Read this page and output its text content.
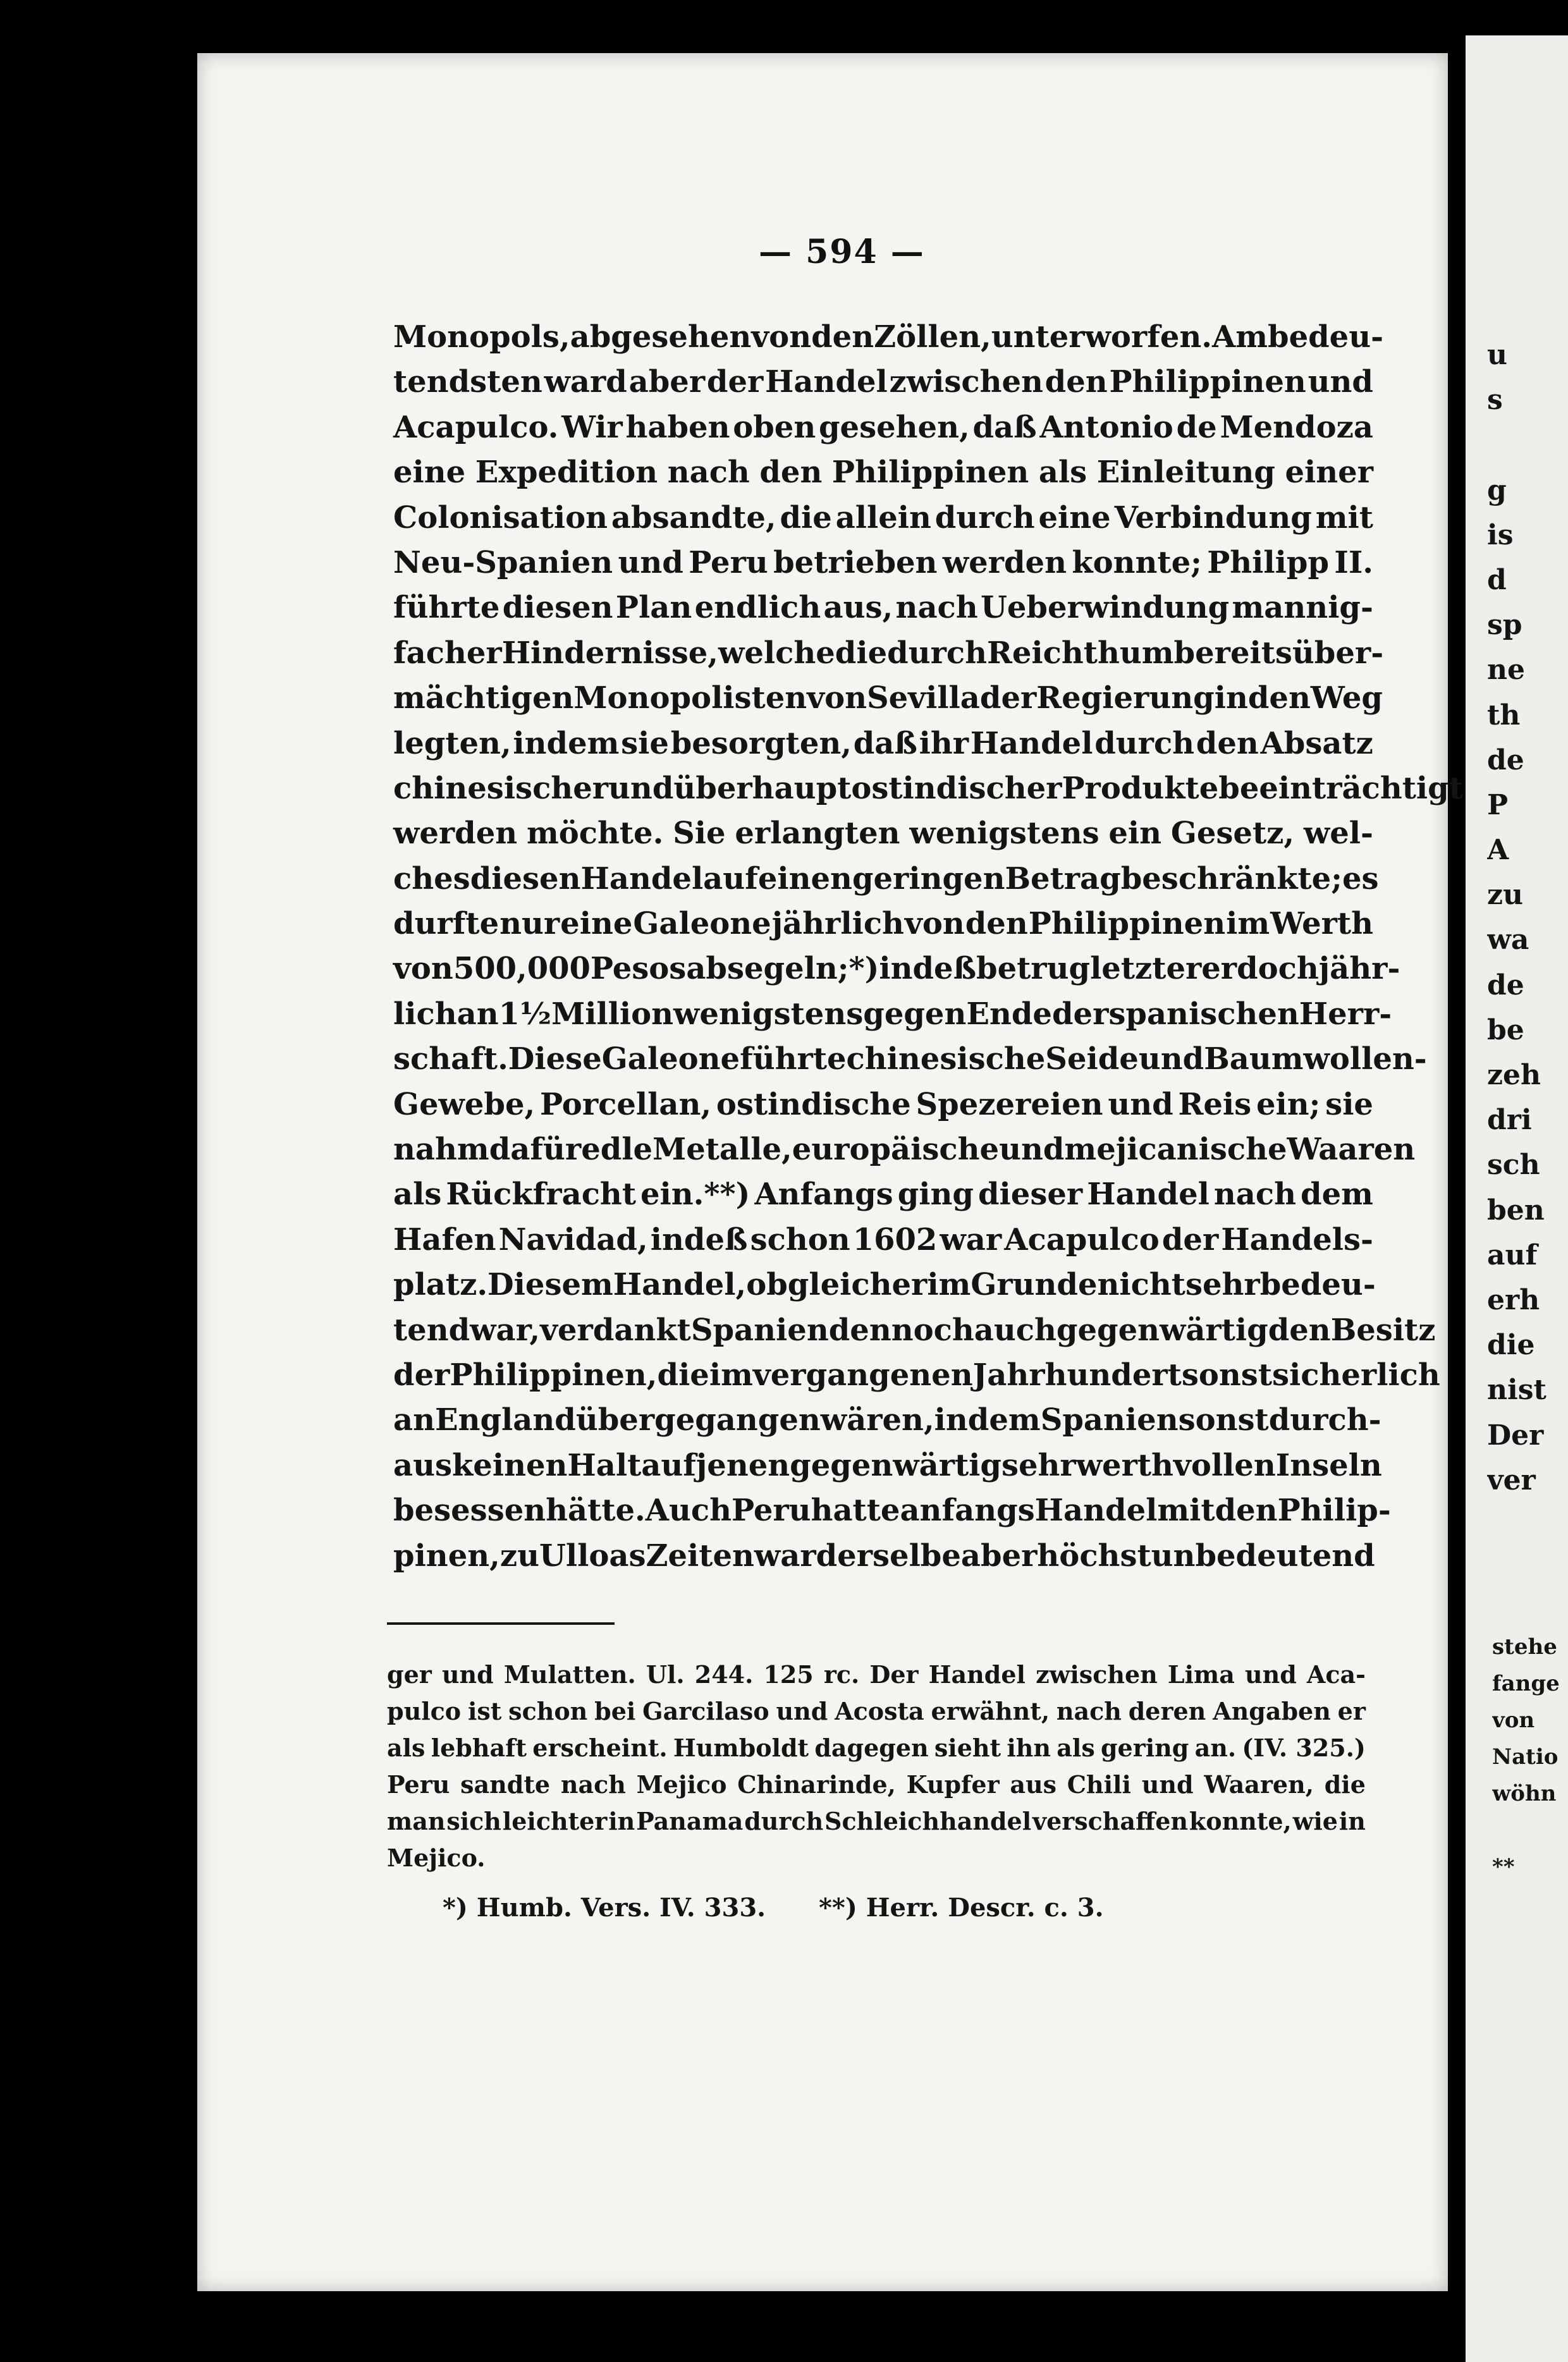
u
s
g
is
d
sp
ne
th
de
P
A
zu
wa
de
be
zeh
dri
sch
ben
auf
erh
die
nist
Der
ver
stehe
fange
von
Natio
wöhn
**
— 594 —
Monopols, abgesehen von den Zöllen, unterworfen. Am bedeu-
tendsten ward aber der Handel zwischen den Philippinen und
Acapulco. Wir haben oben gesehen, daß Antonio de Mendoza
eine Expedition nach den Philippinen als Einleitung einer
Colonisation absandte, die allein durch eine Verbindung mit
Neu-Spanien und Peru betrieben werden konnte; Philipp II.
führte diesen Plan endlich aus, nach Ueberwindung mannig-
facher Hindernisse, welche die durch Reichthum bereits über-
mächtigen Monopolisten von Sevilla der Regierung in den Weg
legten, indem sie besorgten, daß ihr Handel durch den Absatz
chinesischer und überhaupt ostindischer Produkte beeinträchtigt
werden möchte. Sie erlangten wenigstens ein Gesetz, wel-
ches diesen Handel auf einen geringen Betrag beschränkte; es
durfte nur eine Galeone jährlich von den Philippinen im Werth
von 500,000 Pesos absegeln;*) indeß betrug letzterer doch jähr-
lich an 1½ Million wenigstens gegen Ende der spanischen Herr-
schaft. Diese Galeone führte chinesische Seide und Baumwollen-
Gewebe, Porcellan, ostindische Spezereien und Reis ein; sie
nahm dafür edle Metalle, europäische und mejicanische Waaren
als Rückfracht ein.**) Anfangs ging dieser Handel nach dem
Hafen Navidad, indeß schon 1602 war Acapulco der Handels-
platz. Diesem Handel, obgleich er im Grunde nicht sehr bedeu-
tend war, verdankt Spanien dennoch auch gegenwärtig den Besitz
der Philippinen, die im vergangenen Jahrhundert sonst sicherlich
an England übergegangen wären, indem Spanien sonst durch-
aus keinen Halt auf jenen gegenwärtig sehr werthvollen Inseln
besessen hätte. Auch Peru hatte anfangs Handel mit den Philip-
pinen, zu Ulloas Zeiten war derselbe aber höchst unbedeutend
ger und Mulatten. Ul. 244. 125 rc. Der Handel zwischen Lima und Aca-
pulco ist schon bei Garcilaso und Acosta erwähnt, nach deren Angaben er
als lebhaft erscheint. Humboldt dagegen sieht ihn als gering an. (IV. 325.)
Peru sandte nach Mejico Chinarinde, Kupfer aus Chili und Waaren, die
man sich leichter in Panama durch Schleichhandel verschaffen konnte, wie in
Mejico.
*) Humb. Vers. IV. 333. **) Herr. Descr. c. 3.
